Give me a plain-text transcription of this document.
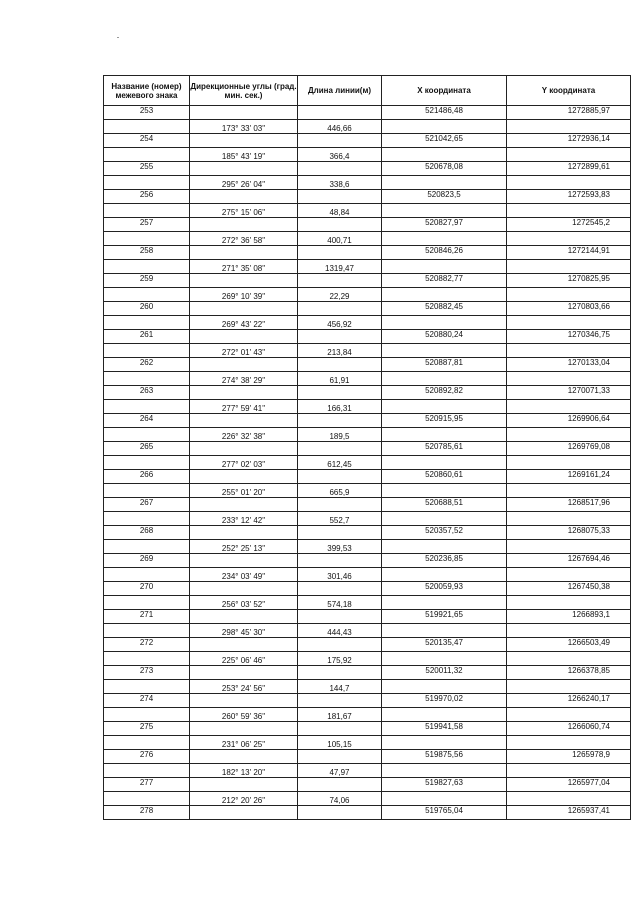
Название (номер) межевого знака	Дирекционные углы (град. мин. сек.)	Длина линии(м)	X координата	Y координата
253			521486,48	1272885,97
	173° 33' 03"	446,66		
254			521042,65	1272936,14
	185° 43' 19"	366,4		
255			520678,08	1272899,61
	295° 26' 04"	338,6		
256			520823,5	1272593,83
	275° 15' 06"	48,84		
257			520827,97	1272545,2
	272° 36' 58"	400,71		
258			520846,26	1272144,91
	271° 35' 08"	1319,47		
259			520882,77	1270825,95
	269° 10' 39"	22,29		
260			520882,45	1270803,66
	269° 43' 22"	456,92		
261			520880,24	1270346,75
	272° 01' 43"	213,84		
262			520887,81	1270133,04
	274° 38' 29"	61,91		
263			520892,82	1270071,33
	277° 59' 41"	166,31		
264			520915,95	1269906,64
	226° 32' 38"	189,5		
265			520785,61	1269769,08
	277° 02' 03"	612,45		
266			520860,61	1269161,24
	255° 01' 20"	665,9		
267			520688,51	1268517,96
	233° 12' 42"	552,7		
268			520357,52	1268075,33
	252° 25' 13"	399,53		
269			520236,85	1267694,46
	234° 03' 49"	301,46		
270			520059,93	1267450,38
	256° 03' 52"	574,18		
271			519921,65	1266893,1
	298° 45' 30"	444,43		
272			520135,47	1266503,49
	225° 06' 46"	175,92		
273			520011,32	1266378,85
	253° 24' 56"	144,7		
274			519970,02	1266240,17
	260° 59' 36"	181,67		
275			519941,58	1266060,74
	231° 06' 25"	105,15		
276			519875,56	1265978,9
	182° 13' 20"	47,97		
277			519827,63	1265977,04
	212° 20' 26"	74,06		
278			519765,04	1265937,41
